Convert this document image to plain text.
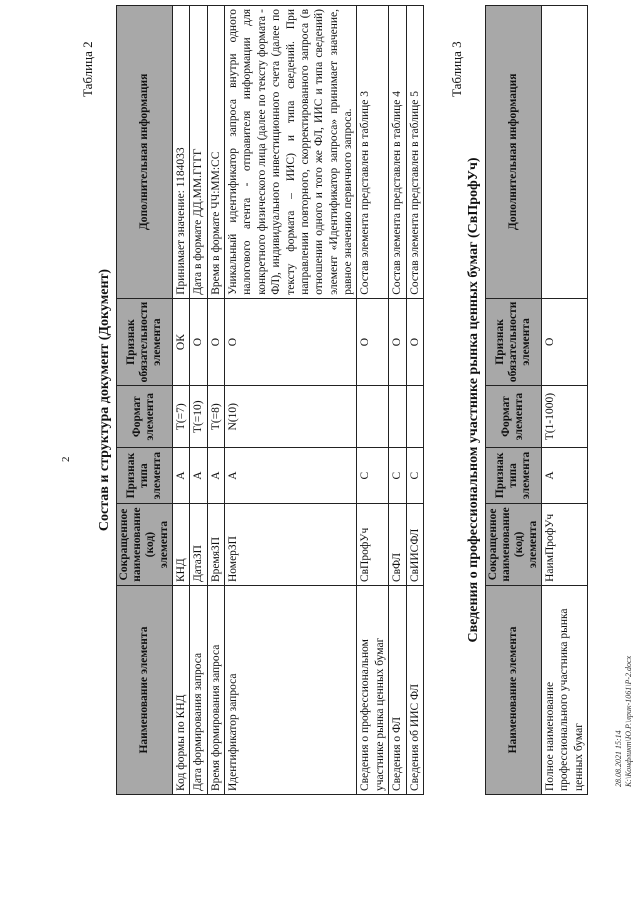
2
Таблица 2
Состав и структура документ (Документ)
Наименование элемента	Сокращенное наименование (код) элемента	Признак типа элемента	Формат элемента	Признак обязательности элемента	Дополнительная информация
Код формы по КНД	КНД	А	T(=7)	ОК	Принимает значение: 1184033
Дата формирования запроса	ДатаЗП	А	T(=10)	О	Дата в формате ДД.ММ.ГГГГ
Время формирования запроса	ВремяЗП	А	T(=8)	О	Время в формате ЧЧ:ММ:СС
Идентификатор запроса	НомерЗП	А	N(10)	О	Уникальный идентификатор запроса внутри одного налогового агента - отправителя информации для конкретного физического лица (далее по тексту формата - ФЛ), индивидуального инвестиционного счета (далее по тексту формата – ИИС) и типа сведений. При направлении повторного, скорректированного запроса (в отношении одного и того же ФЛ, ИИС и типа сведений) элемент «Идентификатор запроса» принимает значение, равное значению первичного запроса.
Сведения о профессиональном участнике рынка ценных бумаг	СвПрофУч	С		О	Состав элемента представлен в таблице 3
Сведения о ФЛ	СвФЛ	С		О	Состав элемента представлен в таблице 4
Сведения об ИИС ФЛ	СвИИСФЛ	С		О	Состав элемента представлен в таблице 5
Таблица 3
Сведения о профессиональном участнике рынка ценных бумаг (СвПрофУч)
Наименование элемента	Сокращенное наименование (код) элемента	Признак типа элемента	Формат элемента	Признак обязательности элемента	Дополнительная информация
Полное наименование профессионального участника рынка ценных бумаг	НаимПрофУч	А	T(1-1000)	О	
28.08.2021 15:14 К:\Конфликт\Ю.Р.\лрик-1061\Р-2.docx
